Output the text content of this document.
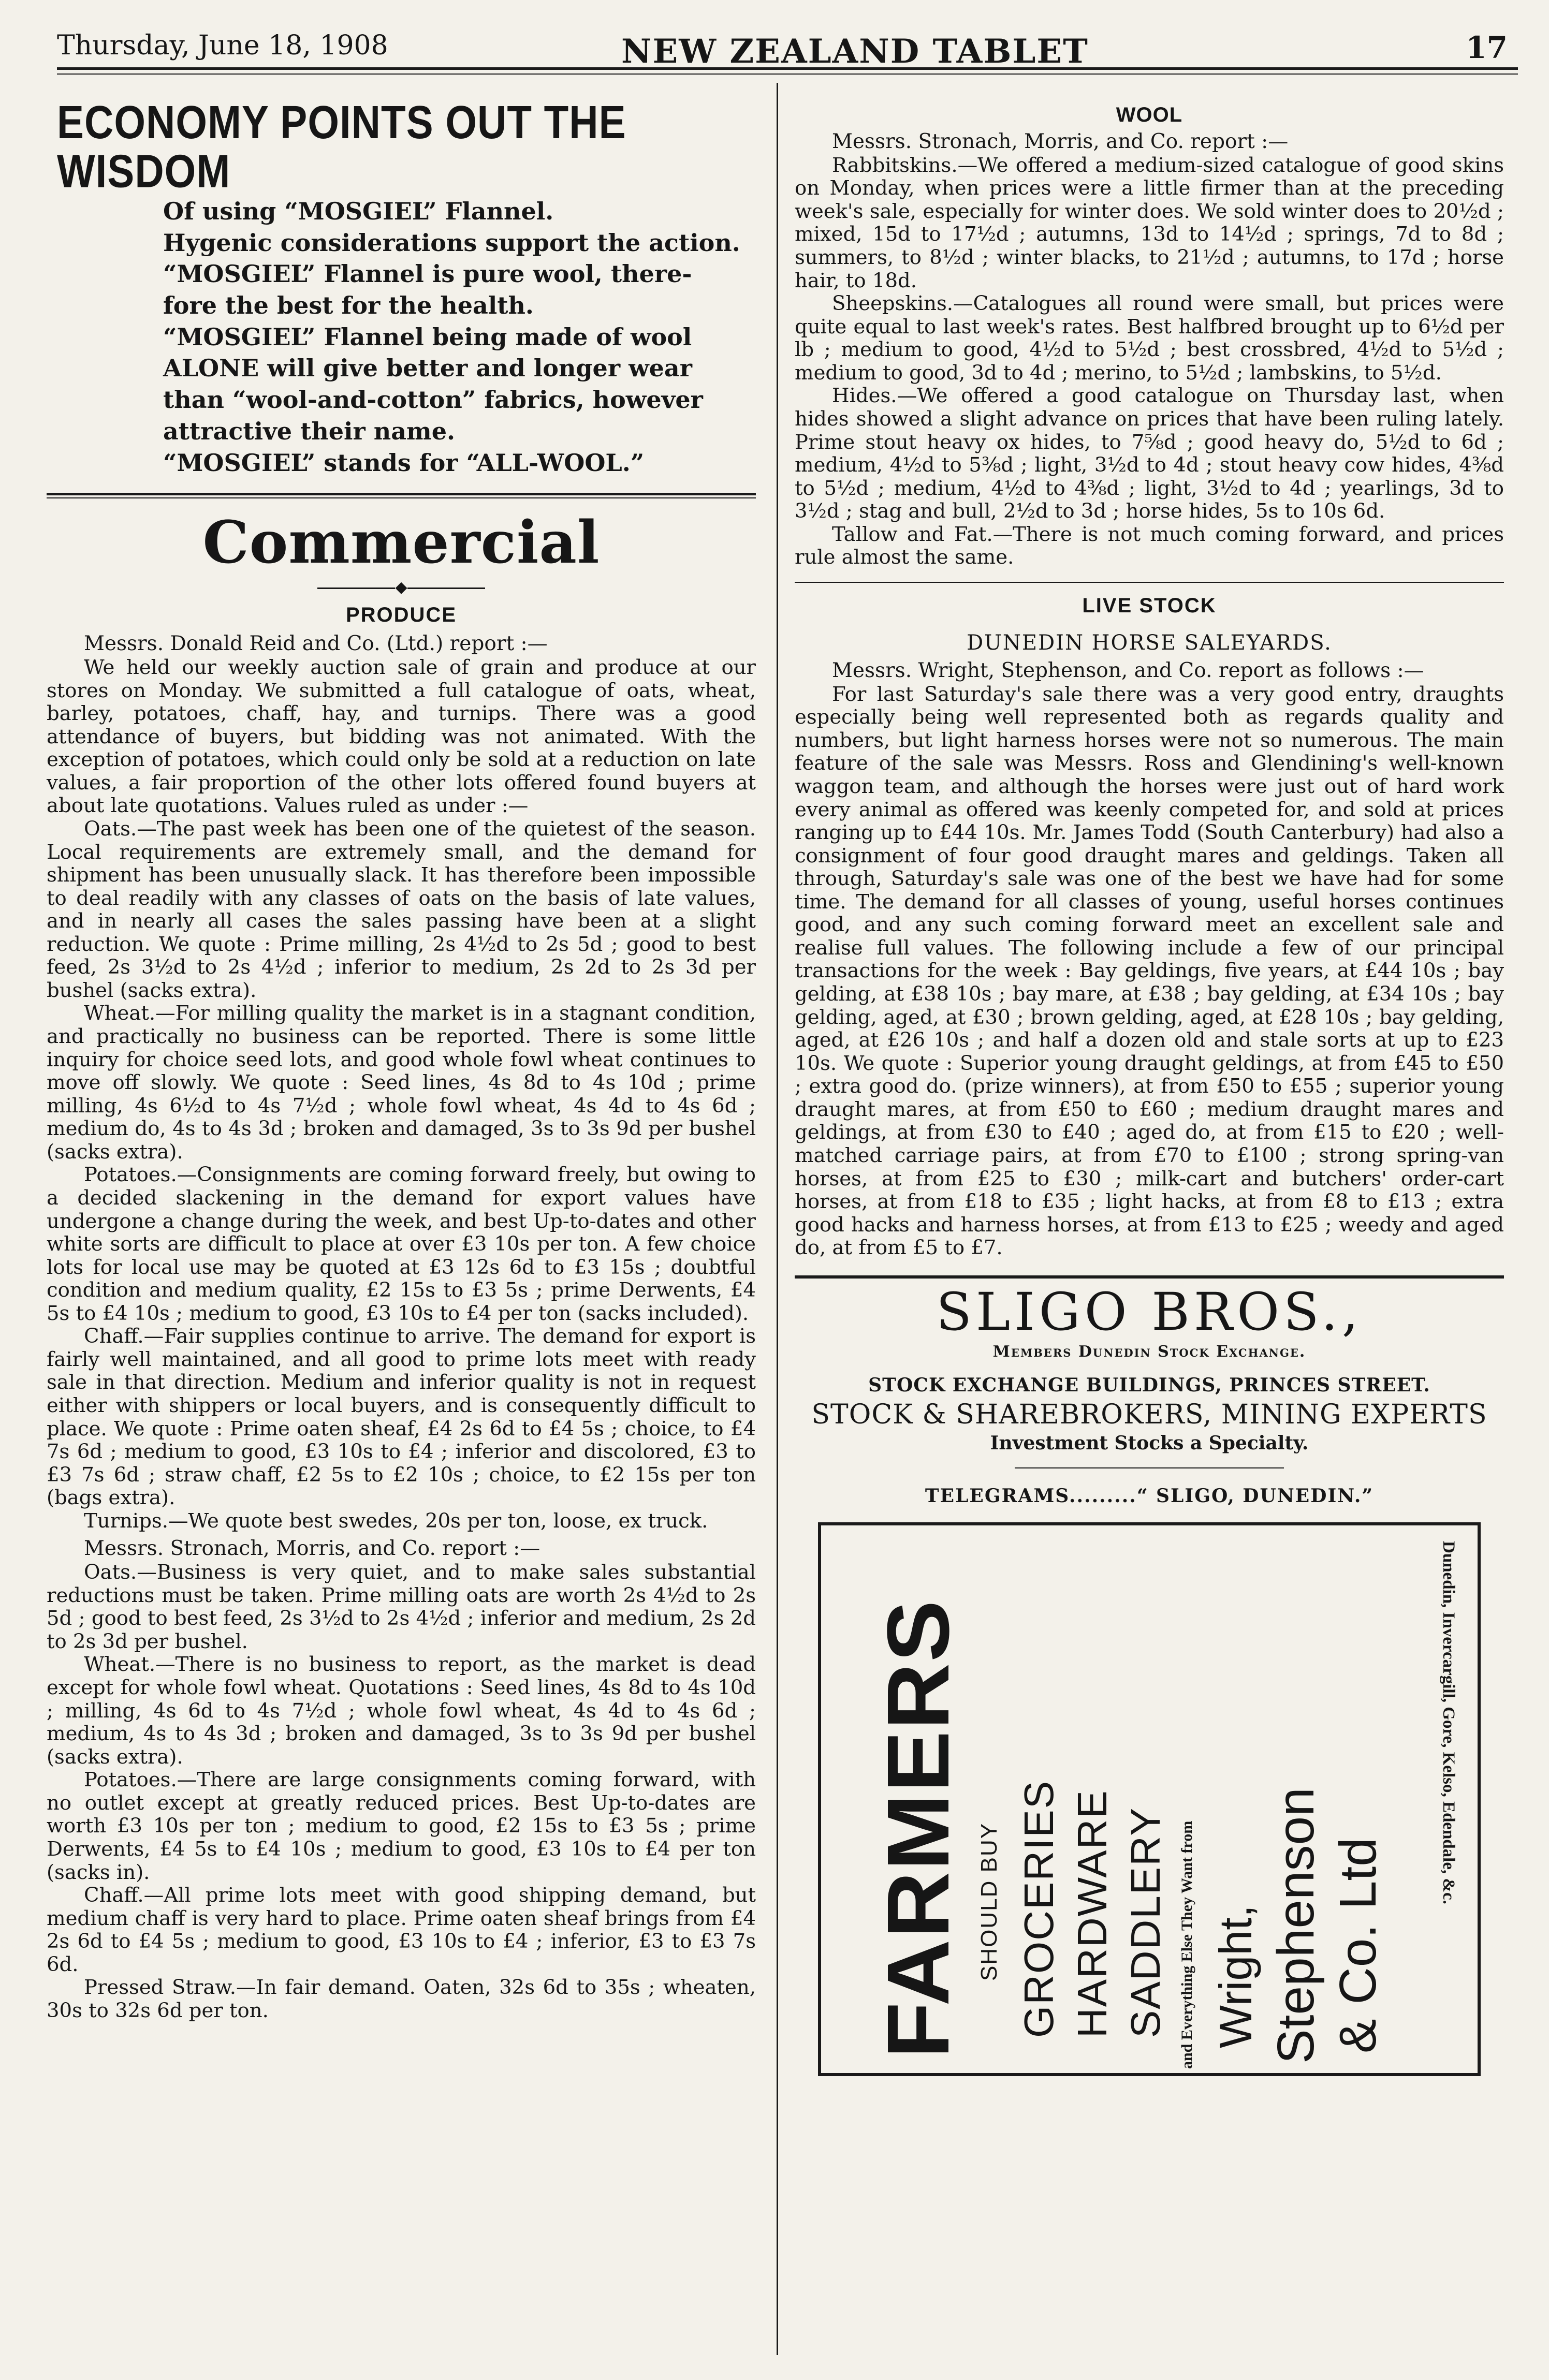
Thursday, June 18, 1908	NEW ZEALAND TABLET	17
ECONOMY POINTS OUT THE WISDOM
Of using “MOSGIEL” Flannel.
Hygenic considerations support the action.
“MOSGIEL” Flannel is pure wool, there-
fore the best for the health.
“MOSGIEL” Flannel being made of wool
ALONE will give better and longer wear
than “wool-and-cotton” fabrics, however
attractive their name.
“MOSGIEL” stands for “ALL-WOOL.”
Commercial
◆
PRODUCE

Messrs. Donald Reid and Co. (Ltd.) report :—

We held our weekly auction sale of grain and produce at our stores on Monday. We submitted a full catalogue of oats, wheat, barley, potatoes, chaff, hay, and turnips. There was a good attendance of buyers, but bidding was not animated. With the exception of potatoes, which could only be sold at a reduction on late values, a fair proportion of the other lots offered found buyers at about late quotations. Values ruled as under :—

Oats.—The past week has been one of the quietest of the season. Local requirements are extremely small, and the demand for shipment has been unusually slack. It has therefore been impossible to deal readily with any classes of oats on the basis of late values, and in nearly all cases the sales passing have been at a slight reduction. We quote : Prime milling, 2s 4½d to 2s 5d ; good to best feed, 2s 3½d to 2s 4½d ; inferior to medium, 2s 2d to 2s 3d per bushel (sacks extra).

Wheat.—For milling quality the market is in a stagnant condition, and practically no business can be reported. There is some little inquiry for choice seed lots, and good whole fowl wheat continues to move off slowly. We quote : Seed lines, 4s 8d to 4s 10d ; prime milling, 4s 6½d to 4s 7½d ; whole fowl wheat, 4s 4d to 4s 6d ; medium do, 4s to 4s 3d ; broken and damaged, 3s to 3s 9d per bushel (sacks extra).

Potatoes.—Consignments are coming forward freely, but owing to a decided slackening in the demand for export values have undergone a change during the week, and best Up-to-dates and other white sorts are difficult to place at over £3 10s per ton. A few choice lots for local use may be quoted at £3 12s 6d to £3 15s ; doubtful condition and medium quality, £2 15s to £3 5s ; prime Derwents, £4 5s to £4 10s ; medium to good, £3 10s to £4 per ton (sacks included).

Chaff.—Fair supplies continue to arrive. The demand for export is fairly well maintained, and all good to prime lots meet with ready sale in that direction. Medium and inferior quality is not in request either with shippers or local buyers, and is consequently difficult to place. We quote : Prime oaten sheaf, £4 2s 6d to £4 5s ; choice, to £4 7s 6d ; medium to good, £3 10s to £4 ; inferior and discolored, £3 to £3 7s 6d ; straw chaff, £2 5s to £2 10s ; choice, to £2 15s per ton (bags extra).

Turnips.—We quote best swedes, 20s per ton, loose, ex truck.

Messrs. Stronach, Morris, and Co. report :—

Oats.—Business is very quiet, and to make sales substantial reductions must be taken. Prime milling oats are worth 2s 4½d to 2s 5d ; good to best feed, 2s 3½d to 2s 4½d ; inferior and medium, 2s 2d to 2s 3d per bushel.

Wheat.—There is no business to report, as the market is dead except for whole fowl wheat. Quotations : Seed lines, 4s 8d to 4s 10d ; milling, 4s 6d to 4s 7½d ; whole fowl wheat, 4s 4d to 4s 6d ; medium, 4s to 4s 3d ; broken and damaged, 3s to 3s 9d per bushel (sacks extra).

Potatoes.—There are large consignments coming forward, with no outlet except at greatly reduced prices. Best Up-to-dates are worth £3 10s per ton ; medium to good, £2 15s to £3 5s ; prime Derwents, £4 5s to £4 10s ; medium to good, £3 10s to £4 per ton (sacks in).

Chaff.—All prime lots meet with good shipping demand, but medium chaff is very hard to place. Prime oaten sheaf brings from £4 2s 6d to £4 5s ; medium to good, £3 10s to £4 ; inferior, £3 to £3 7s 6d.

Pressed Straw.—In fair demand. Oaten, 32s 6d to 35s ; wheaten, 30s to 32s 6d per ton.

WOOL

Messrs. Stronach, Morris, and Co. report :—

Rabbitskins.—We offered a medium-sized catalogue of good skins on Monday, when prices were a little firmer than at the preceding week's sale, especially for winter does. We sold winter does to 20½d ; mixed, 15d to 17½d ; autumns, 13d to 14½d ; springs, 7d to 8d ; summers, to 8½d ; winter blacks, to 21½d ; autumns, to 17d ; horse hair, to 18d.

Sheepskins.—Catalogues all round were small, but prices were quite equal to last week's rates. Best halfbred brought up to 6½d per lb ; medium to good, 4½d to 5½d ; best crossbred, 4½d to 5½d ; medium to good, 3d to 4d ; merino, to 5½d ; lambskins, to 5½d.

Hides.—We offered a good catalogue on Thursday last, when hides showed a slight advance on prices that have been ruling lately. Prime stout heavy ox hides, to 7⅝d ; good heavy do, 5½d to 6d ; medium, 4½d to 5⅜d ; light, 3½d to 4d ; stout heavy cow hides, 4⅜d to 5½d ; medium, 4½d to 4⅜d ; light, 3½d to 4d ; yearlings, 3d to 3½d ; stag and bull, 2½d to 3d ; horse hides, 5s to 10s 6d.

Tallow and Fat.—There is not much coming forward, and prices rule almost the same.

LIVE STOCK
DUNEDIN HORSE SALEYARDS.

Messrs. Wright, Stephenson, and Co. report as follows :—

For last Saturday's sale there was a very good entry, draughts especially being well represented both as regards quality and numbers, but light harness horses were not so numerous. The main feature of the sale was Messrs. Ross and Glendining's well-known waggon team, and although the horses were just out of hard work every animal as offered was keenly competed for, and sold at prices ranging up to £44 10s. Mr. James Todd (South Canterbury) had also a consignment of four good draught mares and geldings. Taken all through, Saturday's sale was one of the best we have had for some time. The demand for all classes of young, useful horses continues good, and any such coming forward meet an excellent sale and realise full values. The following include a few of our principal transactions for the week : Bay geldings, five years, at £44 10s ; bay gelding, at £38 10s ; bay mare, at £38 ; bay gelding, at £34 10s ; bay gelding, aged, at £30 ; brown gelding, aged, at £28 10s ; bay gelding, aged, at £26 10s ; and half a dozen old and stale sorts at up to £23 10s. We quote : Superior young draught geldings, at from £45 to £50 ; extra good do. (prize winners), at from £50 to £55 ; superior young draught mares, at from £50 to £60 ; medium draught mares and geldings, at from £30 to £40 ; aged do, at from £15 to £20 ; well-matched carriage pairs, at from £70 to £100 ; strong spring-van horses, at from £25 to £30 ; milk-cart and butchers' order-cart horses, at from £18 to £35 ; light hacks, at from £8 to £13 ; extra good hacks and harness horses, at from £13 to £25 ; weedy and aged do, at from £5 to £7.

SLIGO BROS.,
Members Dunedin Stock Exchange.
STOCK EXCHANGE BUILDINGS, PRINCES STREET.
STOCK & SHAREBROKERS, MINING EXPERTS
Investment Stocks a Specialty.
TELEGRAMS.........“ SLIGO, DUNEDIN.”
FARMERS SHOULD BUY GROCERIES HARDWARE SADDLERY and Everything Else They Want from Wright, Stephenson & Co. Ltd
Dunedin, Invercargill, Gore, Kelso, Edendale, &c.
